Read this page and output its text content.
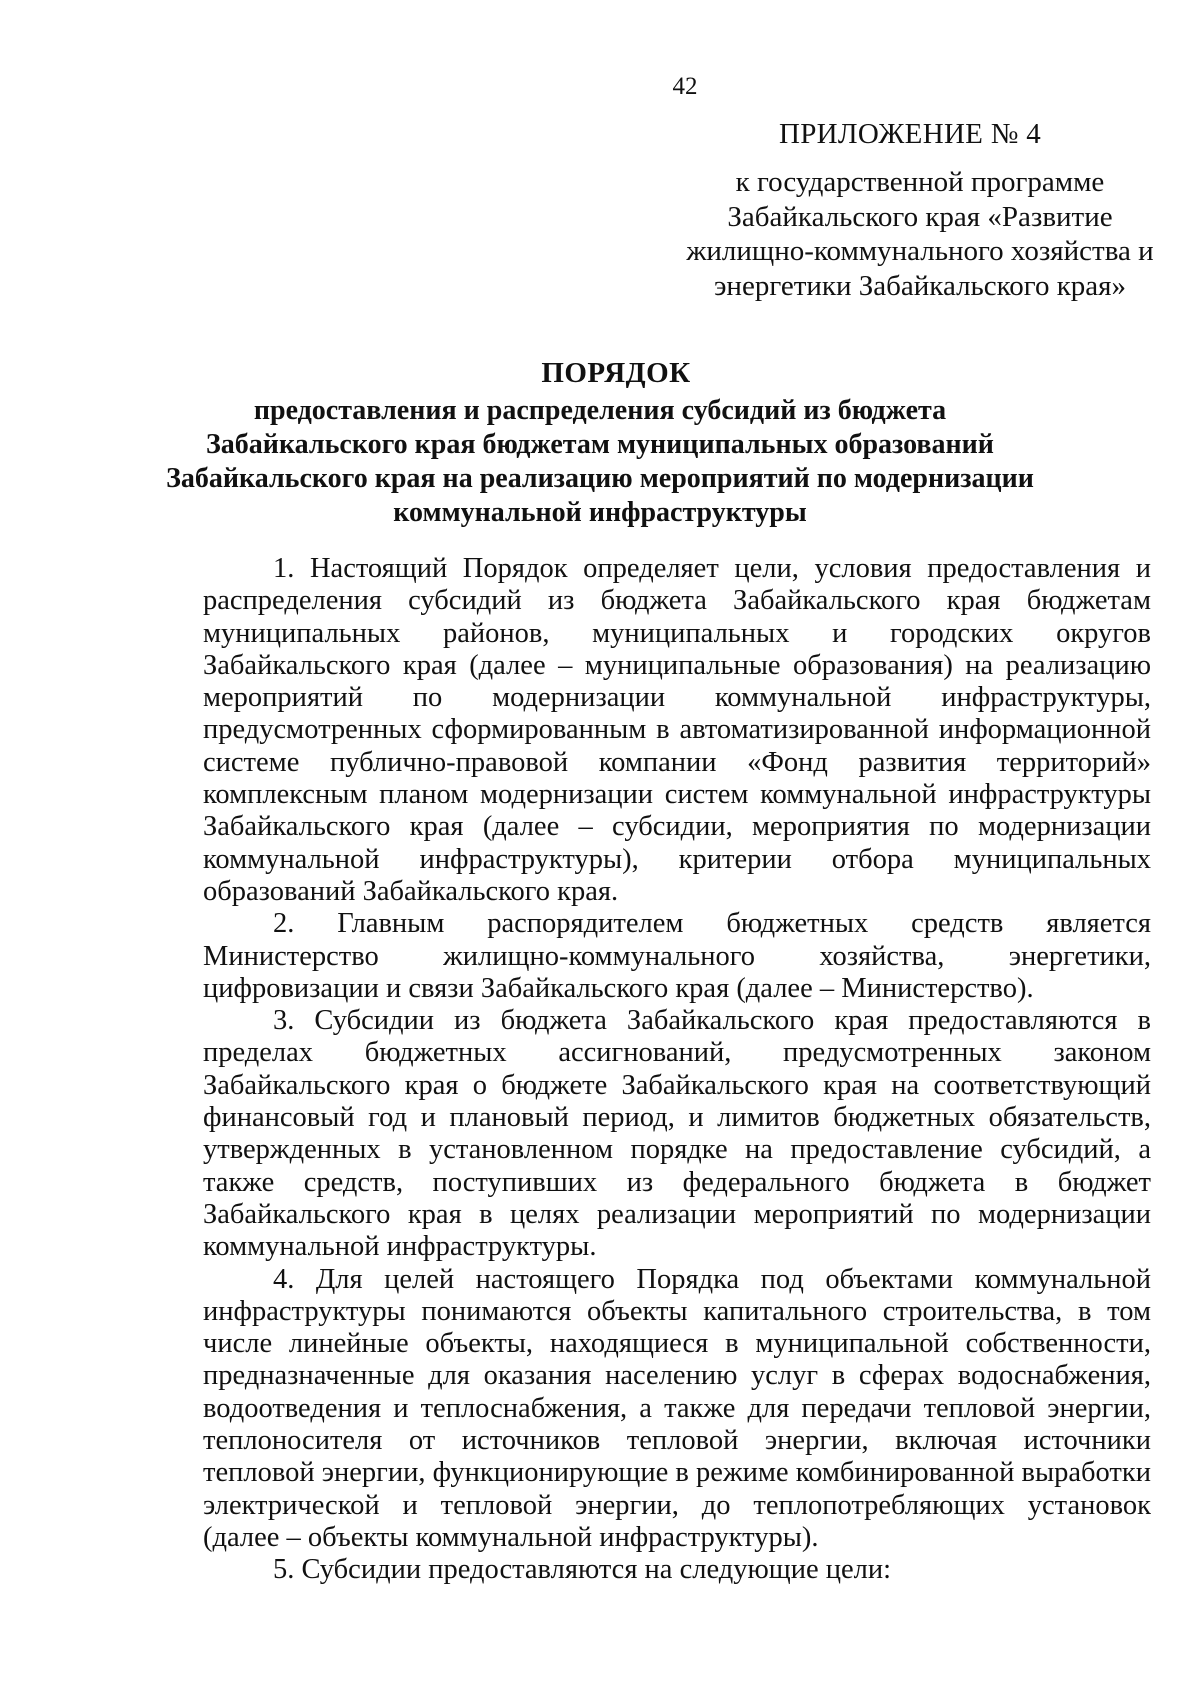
42
ПРИЛОЖЕНИЕ № 4
к государственной программе
Забайкальского края «Развитие
жилищно-коммунального хозяйства и
энергетики Забайкальского края»
ПОРЯДОК
предоставления и распределения субсидий из бюджета
Забайкальского края бюджетам муниципальных образований
Забайкальского края на реализацию мероприятий по модернизации
коммунальной инфраструктуры
1. Настоящий Порядок определяет цели, условия предоставления и
распределения субсидий из бюджета Забайкальского края бюджетам
муниципальных районов, муниципальных и городских округов
Забайкальского края (далее – муниципальные образования) на реализацию
мероприятий по модернизации коммунальной инфраструктуры,
предусмотренных сформированным в автоматизированной информационной
системе публично-правовой компании «Фонд развития территорий»
комплексным планом модернизации систем коммунальной инфраструктуры
Забайкальского края (далее – субсидии, мероприятия по модернизации
коммунальной инфраструктуры), критерии отбора муниципальных
образований Забайкальского края.
2. Главным распорядителем бюджетных средств является
Министерство жилищно-коммунального хозяйства, энергетики,
цифровизации и связи Забайкальского края (далее – Министерство).
3. Субсидии из бюджета Забайкальского края предоставляются в
пределах бюджетных ассигнований, предусмотренных законом
Забайкальского края о бюджете Забайкальского края на соответствующий
финансовый год и плановый период, и лимитов бюджетных обязательств,
утвержденных в установленном порядке на предоставление субсидий, а
также средств, поступивших из федерального бюджета в бюджет
Забайкальского края в целях реализации мероприятий по модернизации
коммунальной инфраструктуры.
4. Для целей настоящего Порядка под объектами коммунальной
инфраструктуры понимаются объекты капитального строительства, в том
числе линейные объекты, находящиеся в муниципальной собственности,
предназначенные для оказания населению услуг в сферах водоснабжения,
водоотведения и теплоснабжения, а также для передачи тепловой энергии,
теплоносителя от источников тепловой энергии, включая источники
тепловой энергии, функционирующие в режиме комбинированной выработки
электрической и тепловой энергии, до теплопотребляющих установок
(далее – объекты коммунальной инфраструктуры).
5. Субсидии предоставляются на следующие цели:
